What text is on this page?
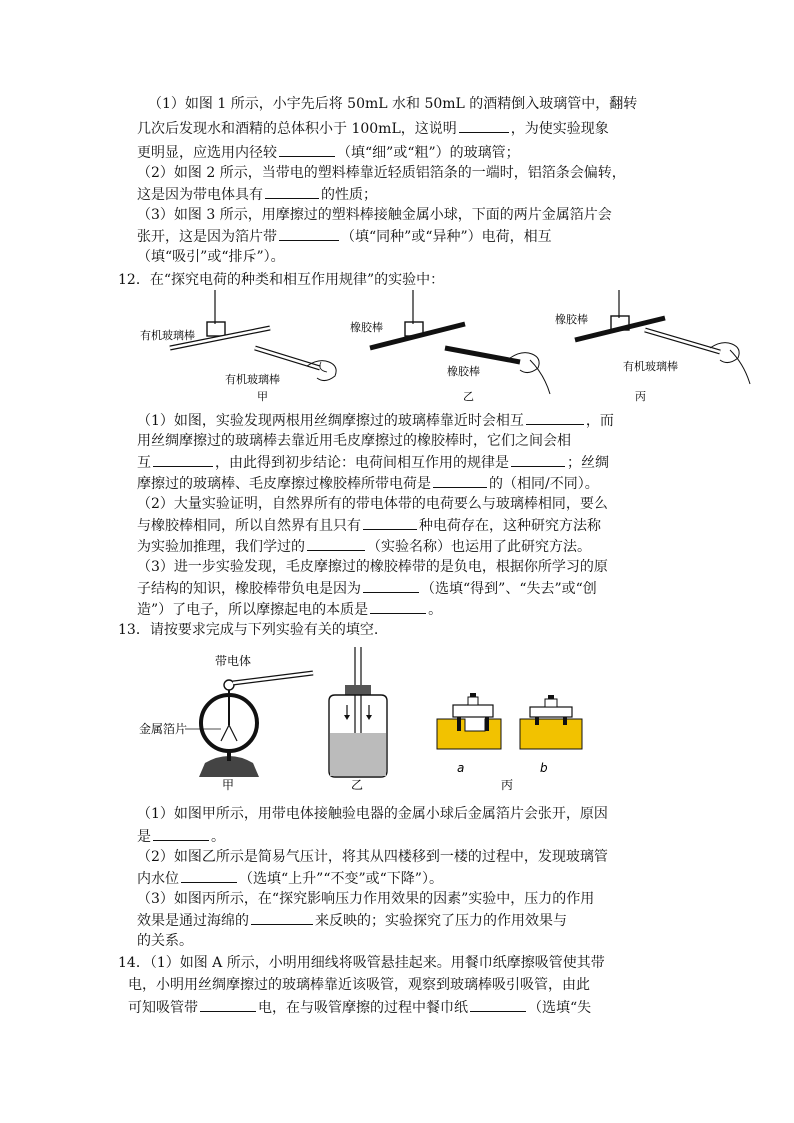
（1）如图 1 所示，小宇先后将 50mL 水和 50mL 的酒精倒入玻璃管中，翻转
几次后发现水和酒精的总体积小于 100mL，这说明	，为使实验现象
更明显，应选用内径较	（填“细”或“粗”）的玻璃管；
（2）如图 2 所示，当带电的塑料棒靠近轻质铝箔条的一端时，铝箔条会偏转，
这是因为带电体具有	的性质；
（3）如图 3 所示，用摩擦过的塑料棒接触金属小球，下面的两片金属箔片会
张开，这是因为箔片带	（填“同种”或“异种”）电荷，相互
（填“吸引”或“排斥”）。
12．在“探究电荷的种类和相互作用规律”的实验中：
有机玻璃棒
有机玻璃棒
甲
橡胶棒
橡胶棒
乙
橡胶棒
有机玻璃棒
丙
（1）如图，实验发现两根用丝绸摩擦过的玻璃棒靠近时会相互	，而
用丝绸摩擦过的玻璃棒去靠近用毛皮摩擦过的橡胶棒时，它们之间会相
互	，由此得到初步结论：电荷间相互作用的规律是	；丝绸
摩擦过的玻璃棒、毛皮摩擦过橡胶棒所带电荷是	的（相同/不同）。
（2）大量实验证明，自然界所有的带电体带的电荷要么与玻璃棒相同，要么
与橡胶棒相同，所以自然界有且只有	种电荷存在，这种研究方法称
为实验加推理，我们学过的	（实验名称）也运用了此研究方法。
（3）进一步实验发现，毛皮摩擦过的橡胶棒带的是负电，根据你所学习的原
子结构的知识，橡胶棒带负电是因为	（选填“得到”、“失去”或“创
造”）了电子，所以摩擦起电的本质是	。
13．请按要求完成与下列实验有关的填空.
带电体
金属箔片
甲	乙
a	b
丙
（1）如图甲所示，用带电体接触验电器的金属小球后金属箔片会张开，原因
是	。
（2）如图乙所示是简易气压计，将其从四楼移到一楼的过程中，发现玻璃管
内水位	（选填“上升”“不变”或“下降”）。
（3）如图丙所示，在“探究影响压力作用效果的因素”实验中，压力的作用
效果是通过海绵的	来反映的；实验探究了压力的作用效果与
的关系。
14．（1）如图 A 所示，小明用细线将吸管悬挂起来。用餐巾纸摩擦吸管使其带
电，小明用丝绸摩擦过的玻璃棒靠近该吸管，观察到玻璃棒吸引吸管，由此
可知吸管带	电，在与吸管摩擦的过程中餐巾纸	（选填“失
